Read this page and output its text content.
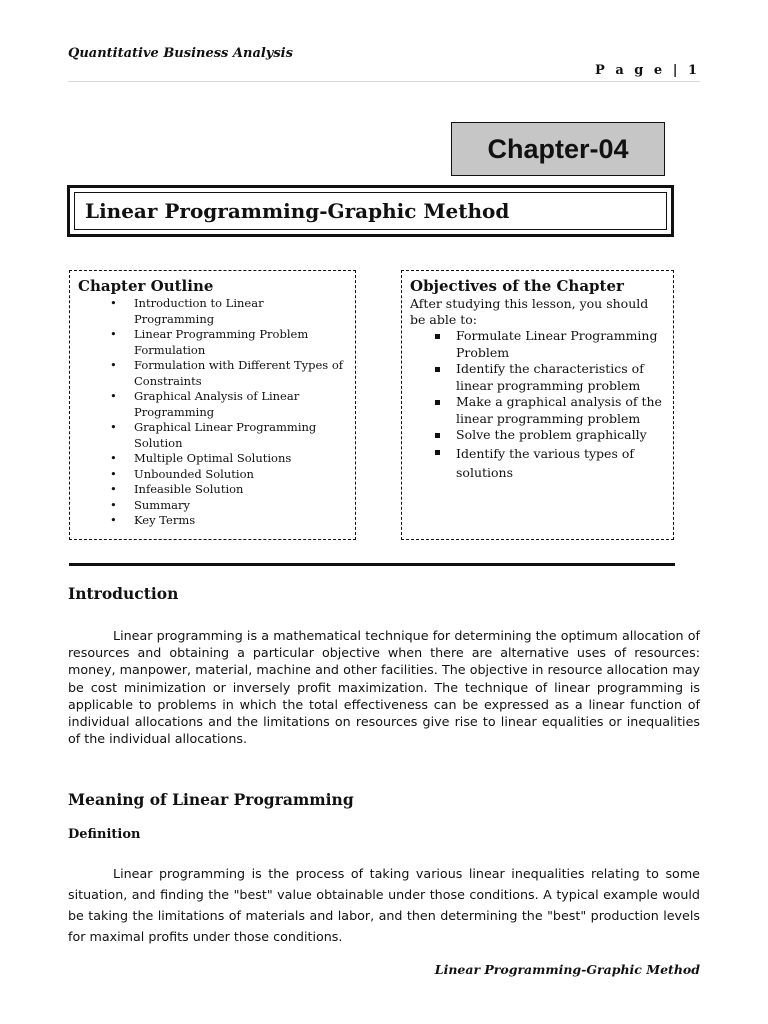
Quantitative Business Analysis
P a g e | 1
Chapter-04
Linear Programming-Graphic Method
Chapter Outline
• Introduction to Linear Programming
• Linear Programming Problem Formulation
• Formulation with Different Types of Constraints
• Graphical Analysis of Linear Programming
• Graphical Linear Programming Solution
• Multiple Optimal Solutions
• Unbounded Solution
• Infeasible Solution
• Summary
• Key Terms
Objectives of the Chapter
After studying this lesson, you should be able to:
Formulate Linear Programming Problem
Identify the characteristics of linear programming problem
Make a graphical analysis of the linear programming problem
Solve the problem graphically
Identify the various types of solutions
Introduction

Linear programming is a mathematical technique for determining the optimum allocation of resources and obtaining a particular objective when there are alternative uses of resources: money, manpower, material, machine and other facilities. The objective in resource allocation may be cost minimization or inversely profit maximization. The technique of linear programming is applicable to problems in which the total effectiveness can be expressed as a linear function of individual allocations and the limitations on resources give rise to linear equalities or inequalities of the individual allocations.

Meaning of Linear Programming
Definition

Linear programming is the process of taking various linear inequalities relating to some situation, and finding the "best" value obtainable under those conditions. A typical example would be taking the limitations of materials and labor, and then determining the "best" production levels for maximal profits under those conditions.

Linear Programming-Graphic Method
